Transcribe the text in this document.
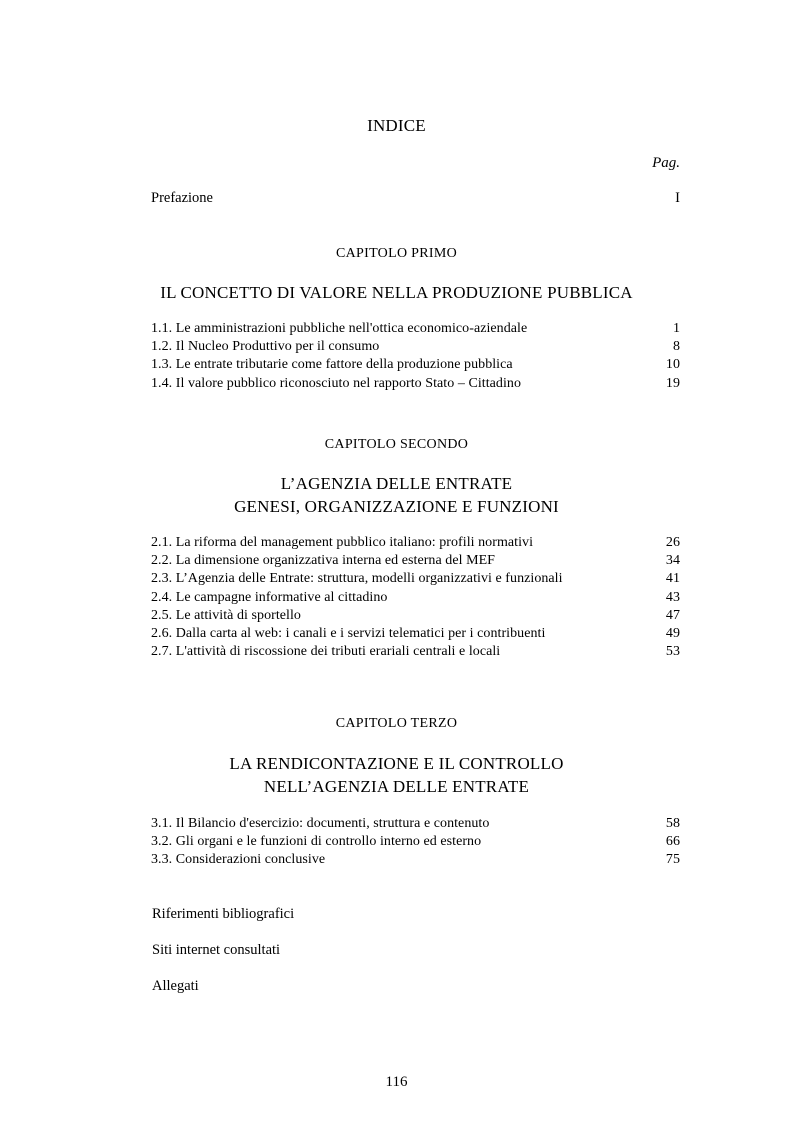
INDICE
Pag.
Prefazione	I
CAPITOLO PRIMO
IL CONCETTO DI VALORE NELLA PRODUZIONE PUBBLICA
1.1. Le amministrazioni pubbliche nell'ottica economico-aziendale	1
1.2. Il Nucleo Produttivo per il consumo	8
1.3. Le entrate tributarie come fattore della produzione pubblica	10
1.4. Il valore pubblico riconosciuto nel rapporto Stato – Cittadino	19
CAPITOLO SECONDO
L’AGENZIA DELLE ENTRATE
GENESI, ORGANIZZAZIONE E FUNZIONI
2.1. La riforma del management pubblico italiano: profili normativi	26
2.2. La dimensione organizzativa interna ed esterna del MEF	34
2.3. L’Agenzia delle Entrate: struttura, modelli organizzativi e funzionali	41
2.4. Le campagne informative al cittadino	43
2.5. Le attività di sportello	47
2.6. Dalla carta al web: i canali e i servizi telematici per i contribuenti	49
2.7. L'attività di riscossione dei tributi erariali centrali e locali	53
CAPITOLO TERZO
LA RENDICONTAZIONE E IL CONTROLLO
NELL’AGENZIA DELLE ENTRATE
3.1. Il Bilancio d'esercizio: documenti, struttura e contenuto	58
3.2. Gli organi e le funzioni di controllo interno ed esterno	66
3.3. Considerazioni conclusive	75
Riferimenti bibliografici
Siti internet consultati
Allegati
116
